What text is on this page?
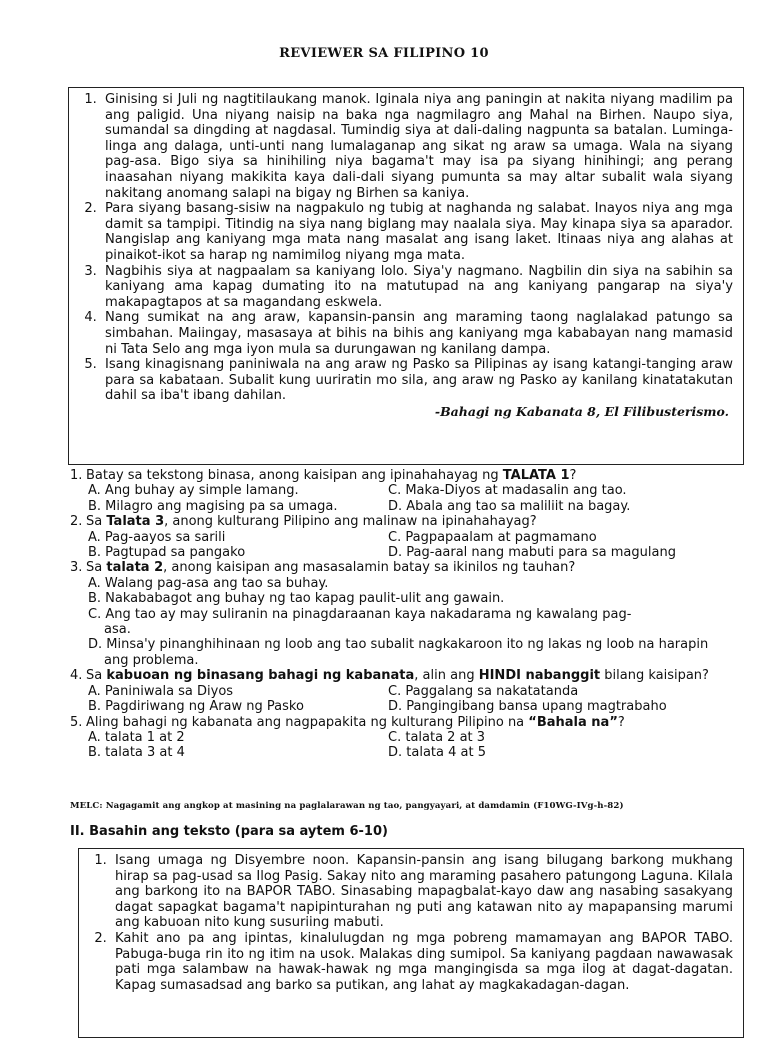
REVIEWER SA FILIPINO 10
1. Ginising si Juli ng nagtitilaukang manok. Iginala niya ang paningin at nakita niyang madilim pa ang paligid. Una niyang naisip na baka nga nagmilagro ang Mahal na Birhen. Naupo siya, sumandal sa dingding at nagdasal. Tumindig siya at dali-daling nagpunta sa batalan. Luminga-linga ang dalaga, unti-unti nang lumalaganap ang sikat ng araw sa umaga. Wala na siyang pag-asa. Bigo siya sa hinihiling niya bagama't may isa pa siyang hinihingi; ang perang inaasahan niyang makikita kaya dali-dali siyang pumunta sa may altar subalit wala siyang nakitang anomang salapi na bigay ng Birhen sa kaniya.
2. Para siyang basang-sisiw na nagpakulo ng tubig at naghanda ng salabat. Inayos niya ang mga damit sa tampipi. Titindig na siya nang biglang may naalala siya. May kinapa siya sa aparador. Nangislap ang kaniyang mga mata nang masalat ang isang laket. Itinaas niya ang alahas at pinaikot-ikot sa harap ng namimilog niyang mga mata.
3. Nagbihis siya at nagpaalam sa kaniyang lolo. Siya'y nagmano. Nagbilin din siya na sabihin sa kaniyang ama kapag dumating ito na matutupad na ang kaniyang pangarap na siya'y makapagtapos at sa magandang eskwela.
4. Nang sumikat na ang araw, kapansin-pansin ang maraming taong naglalakad patungo sa simbahan. Maiingay, masasaya at bihis na bihis ang kaniyang mga kababayan nang mamasid ni Tata Selo ang mga iyon mula sa durungawan ng kanilang dampa.
5. Isang kinagisnang paniniwala na ang araw ng Pasko sa Pilipinas ay isang katangi-tanging araw para sa kabataan. Subalit kung uuriratin mo sila, ang araw ng Pasko ay kanilang kinatatakutan dahil sa iba't ibang dahilan.
-Bahagi ng Kabanata 8, El Filibusterismo.
1. Batay sa tekstong binasa, anong kaisipan ang ipinahahayag ng TALATA 1?
A. Ang buhay ay simple lamang.	C. Maka-Diyos at madasalin ang tao.
B. Milagro ang magising pa sa umaga.	D. Abala ang tao sa maliliit na bagay.
2. Sa Talata 3, anong kulturang Pilipino ang malinaw na ipinahahayag?
A. Pag-aayos sa sarili	C. Pagpapaalam at pagmamano
B. Pagtupad sa pangako	D. Pag-aaral nang mabuti para sa magulang
3. Sa talata 2, anong kaisipan ang masasalamin batay sa ikinilos ng tauhan?
A. Walang pag-asa ang tao sa buhay.
B. Nakababagot ang buhay ng tao kapag paulit-ulit ang gawain.
C. Ang tao ay may suliranin na pinagdaraanan kaya nakadarama ng kawalang pag-asa.
D. Minsa'y pinanghihinaan ng loob ang tao subalit nagkakaroon ito ng lakas ng loob na harapin ang problema.
4. Sa kabuoan ng binasang bahagi ng kabanata, alin ang HINDI nabanggit bilang kaisipan?
A. Paniniwala sa Diyos	C. Paggalang sa nakatatanda
B. Pagdiriwang ng Araw ng Pasko	D. Pangingibang bansa upang magtrabaho
5. Aling bahagi ng kabanata ang nagpapakita ng kulturang Pilipino na “Bahala na”?
A. talata 1 at 2	C. talata 2 at 3
B. talata 3 at 4	D. talata 4 at 5
MELC: Nagagamit ang angkop at masining na paglalarawan ng tao, pangyayari, at damdamin (F10WG-IVg-h-82)
II. Basahin ang teksto (para sa aytem 6-10)
1. Isang umaga ng Disyembre noon. Kapansin-pansin ang isang bilugang barkong mukhang hirap sa pag-usad sa Ilog Pasig. Sakay nito ang maraming pasahero patungong Laguna. Kilala ang barkong ito na BAPOR TABO. Sinasabing mapagbalat-kayo daw ang nasabing sasakyang dagat sapagkat bagama't napipinturahan ng puti ang katawan nito ay mapapansing marumi ang kabuoan nito kung susuriing mabuti.
2. Kahit ano pa ang ipintas, kinalulugdan ng mga pobreng mamamayan ang BAPOR TABO. Pabuga-buga rin ito ng itim na usok. Malakas ding sumipol. Sa kaniyang pagdaan nawawasak pati mga salambaw na hawak-hawak ng mga mangingisda sa mga ilog at dagat-dagatan. Kapag sumasadsad ang barko sa putikan, ang lahat ay magkakadagan-dagan.
